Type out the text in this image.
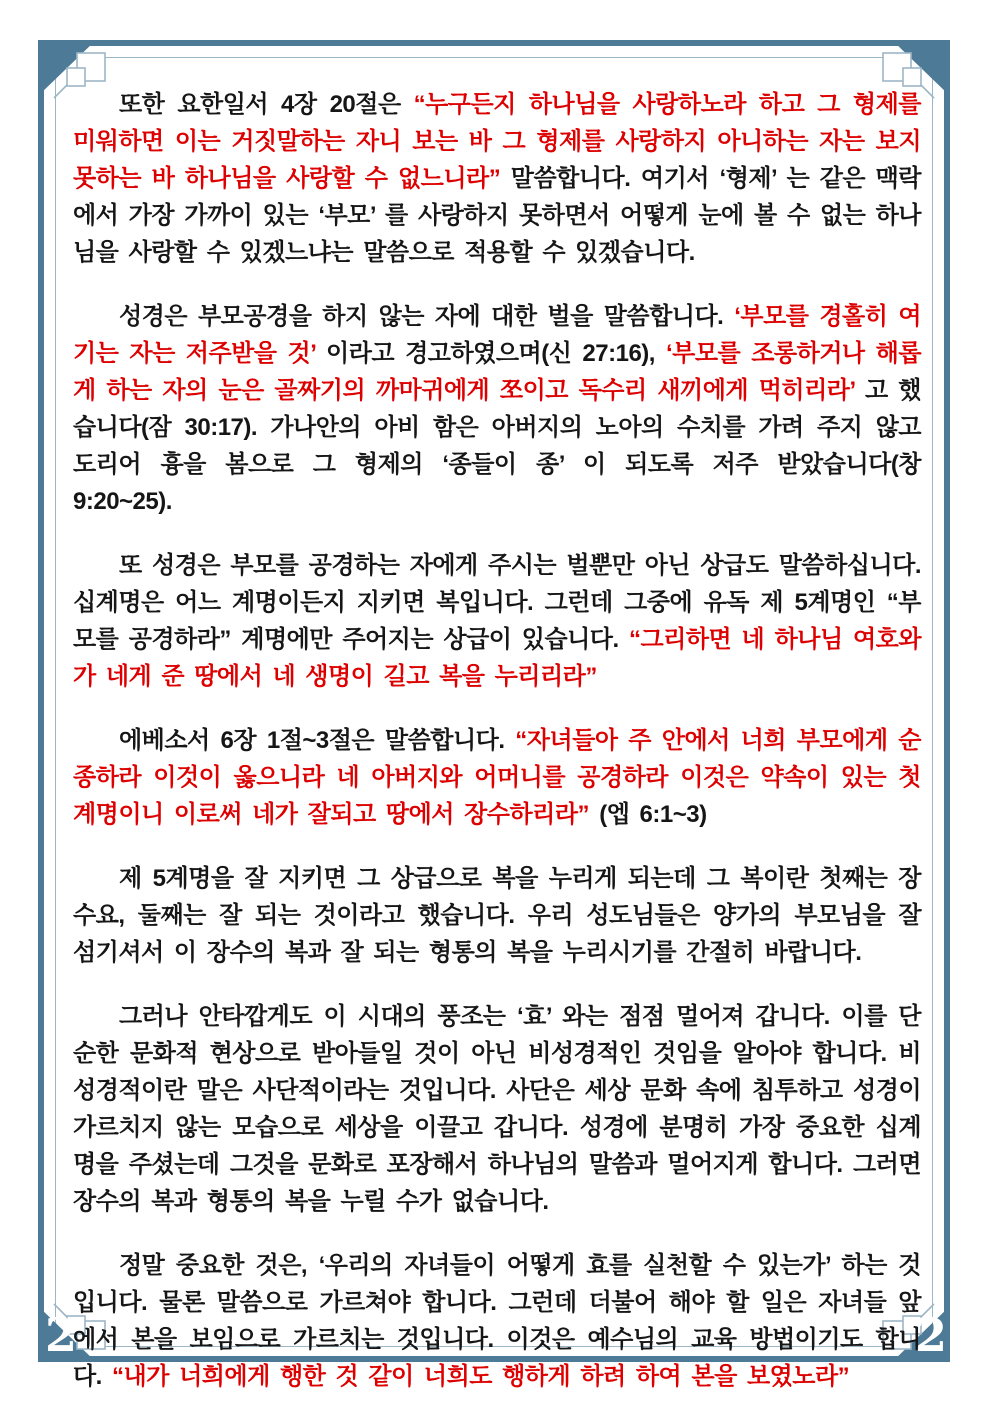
2	2

또한 요한일서 4장 20절은 “누구든지 하나님을 사랑하노라 하고 그 형제를 미워하면 이는 거짓말하는 자니 보는 바 그 형제를 사랑하지 아니하는 자는 보지 못하는 바 하나님을 사랑할 수 없느니라” 말씀합니다. 여기서 ‘형제’ 는 같은 맥락에서 가장 가까이 있는 ‘부모’ 를 사랑하지 못하면서 어떻게 눈에 볼 수 없는 하나님을 사랑할 수 있겠느냐는 말씀으로 적용할 수 있겠습니다.

성경은 부모공경을 하지 않는 자에 대한 벌을 말씀합니다. ‘부모를 경홀히 여기는 자는 저주받을 것’ 이라고 경고하였으며(신 27:16), ‘부모를 조롱하거나 해롭게 하는 자의 눈은 골짜기의 까마귀에게 쪼이고 독수리 새끼에게 먹히리라’ 고 했습니다(잠 30:17). 가나안의 아비 함은 아버지의 노아의 수치를 가려 주지 않고 도리어 흉을 봄으로 그 형제의 ‘종들이 종’ 이 되도록 저주 받았습니다(창 9:20~25).

또 성경은 부모를 공경하는 자에게 주시는 벌뿐만 아닌 상급도 말씀하십니다. 십계명은 어느 계명이든지 지키면 복입니다. 그런데 그중에 유독 제 5계명인 “부모를 공경하라” 계명에만 주어지는 상급이 있습니다. “그리하면 네 하나님 여호와가 네게 준 땅에서 네 생명이 길고 복을 누리리라”

에베소서 6장 1절~3절은 말씀합니다. “자녀들아 주 안에서 너희 부모에게 순종하라 이것이 옳으니라 네 아버지와 어머니를 공경하라 이것은 약속이 있는 첫 계명이니 이로써 네가 잘되고 땅에서 장수하리라” (엡 6:1~3)

제 5계명을 잘 지키면 그 상급으로 복을 누리게 되는데 그 복이란 첫째는 장수요, 둘째는 잘 되는 것이라고 했습니다. 우리 성도님들은 양가의 부모님을 잘 섬기셔서 이 장수의 복과 잘 되는 형통의 복을 누리시기를 간절히 바랍니다.

그러나 안타깝게도 이 시대의 풍조는 ‘효’ 와는 점점 멀어져 갑니다. 이를 단순한 문화적 현상으로 받아들일 것이 아닌 비성경적인 것임을 알아야 합니다. 비성경적이란 말은 사단적이라는 것입니다. 사단은 세상 문화 속에 침투하고 성경이 가르치지 않는 모습으로 세상을 이끌고 갑니다. 성경에 분명히 가장 중요한 십계명을 주셨는데 그것을 문화로 포장해서 하나님의 말씀과 멀어지게 합니다. 그러면 장수의 복과 형통의 복을 누릴 수가 없습니다.

정말 중요한 것은, ‘우리의 자녀들이 어떻게 효를 실천할 수 있는가’ 하는 것입니다. 물론 말씀으로 가르쳐야 합니다. 그런데 더불어 해야 할 일은 자녀들 앞에서 본을 보임으로 가르치는 것입니다. 이것은 예수님의 교육 방법이기도 합니다. “내가 너희에게 행한 것 같이 너희도 행하게 하려 하여 본을 보였노라”
